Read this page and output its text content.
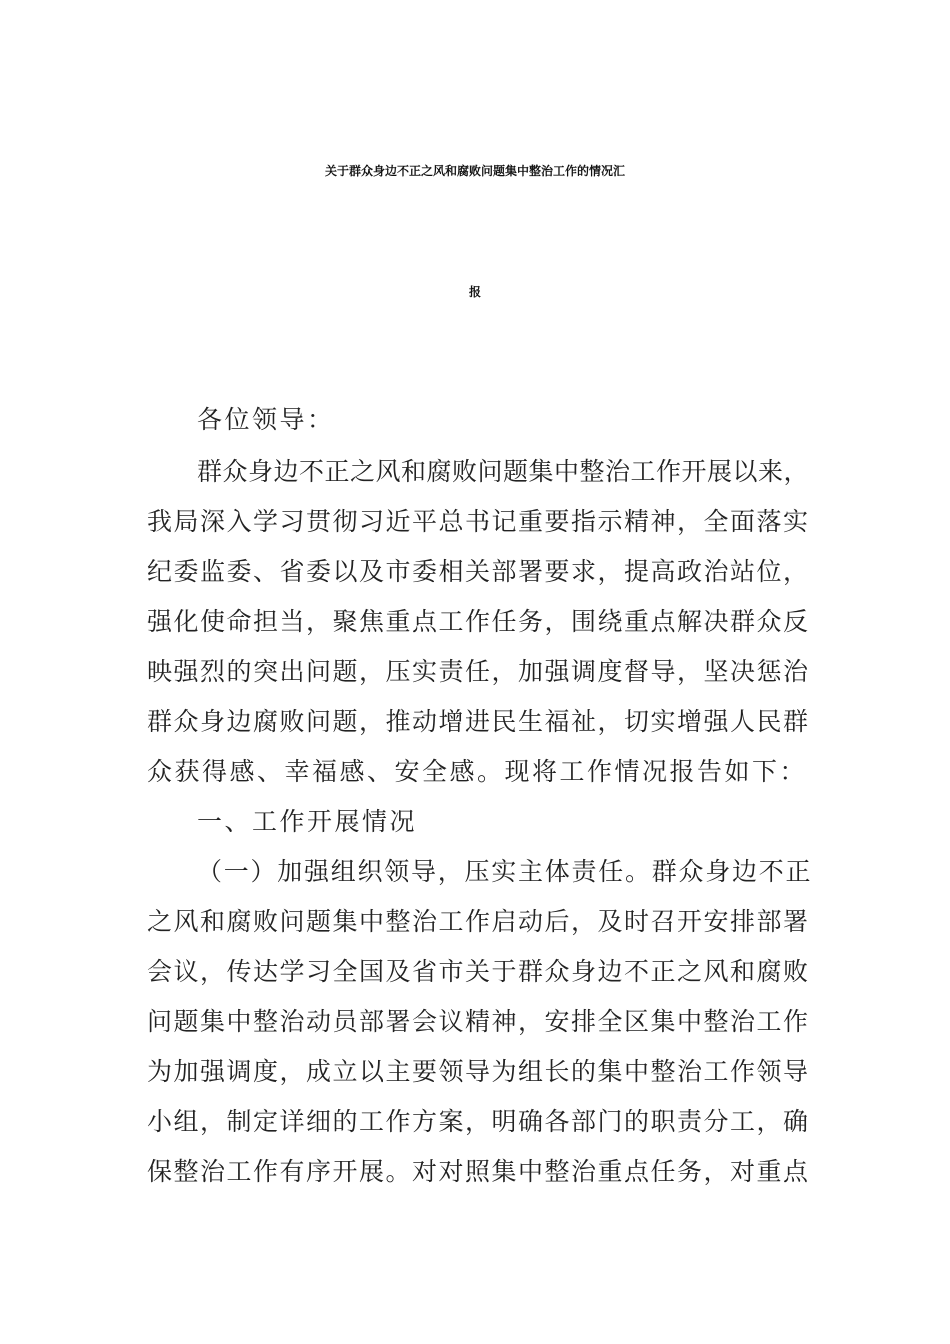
关于群众身边不正之风和腐败问题集中整治工作的情况汇
报
各位领导：
群众身边不正之风和腐败问题集中整治工作开展以来，
我局深入学习贯彻习近平总书记重要指示精神，全面落实
纪委监委、省委以及市委相关部署要求，提高政治站位，
强化使命担当，聚焦重点工作任务，围绕重点解决群众反
映强烈的突出问题，压实责任，加强调度督导，坚决惩治
群众身边腐败问题，推动增进民生福祉，切实增强人民群
众获得感、幸福感、安全感。现将工作情况报告如下：
一、工作开展情况
（一）加强组织领导，压实主体责任。群众身边不正
之风和腐败问题集中整治工作启动后，及时召开安排部署
会议，传达学习全国及省市关于群众身边不正之风和腐败
问题集中整治动员部署会议精神，安排全区集中整治工作
为加强调度，成立以主要领导为组长的集中整治工作领导
小组，制定详细的工作方案，明确各部门的职责分工，确
保整治工作有序开展。对对照集中整治重点任务，对重点
